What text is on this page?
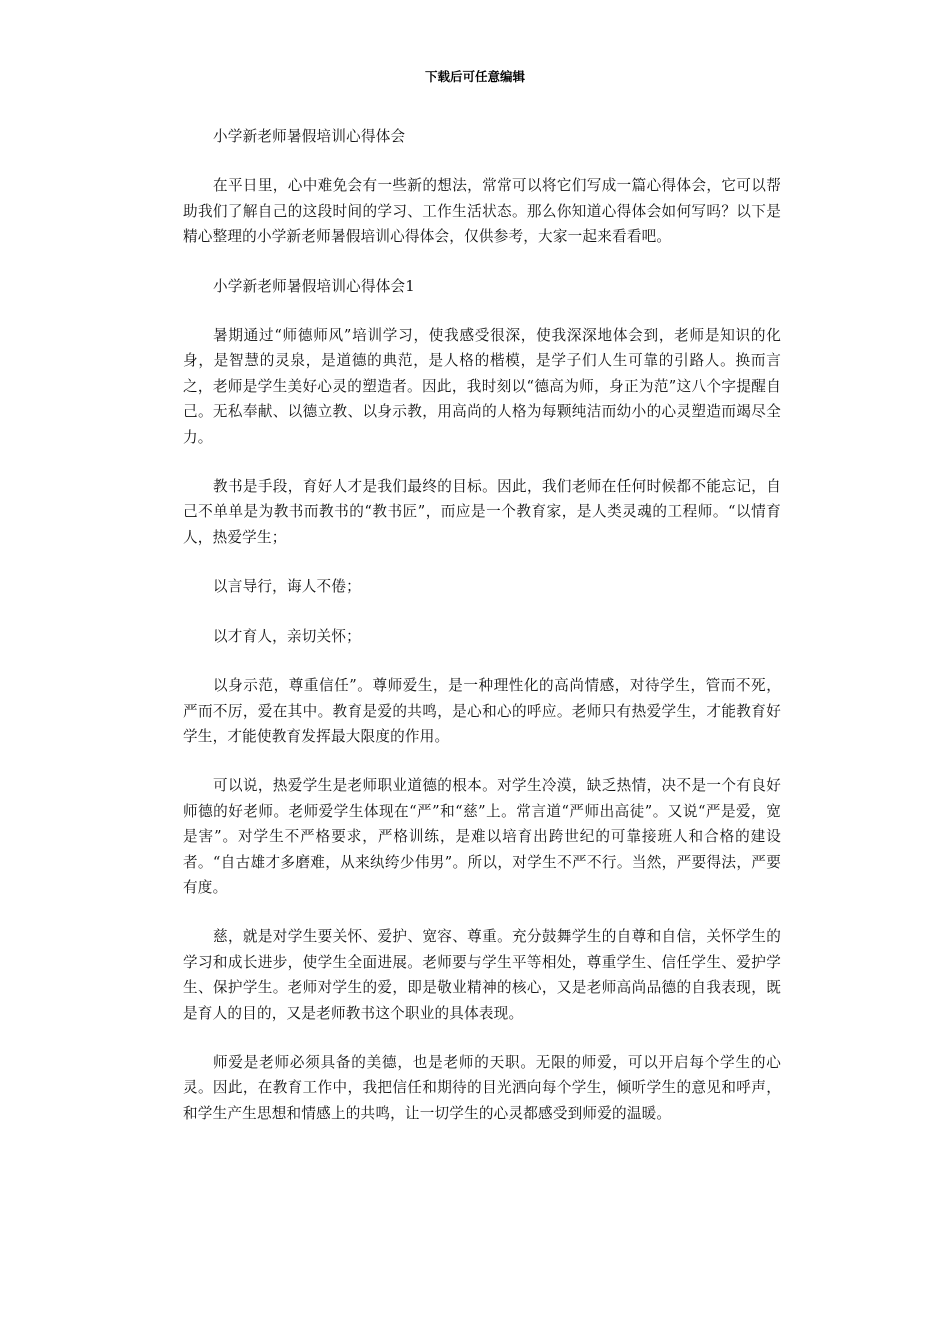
下载后可任意编辑

小学新老师暑假培训心得体会

在平日里，心中难免会有一些新的想法，常常可以将它们写成一篇心得体会，它可以帮助我们了解自己的这段时间的学习、工作生活状态。那么你知道心得体会如何写吗？以下是精心整理的小学新老师暑假培训心得体会，仅供参考，大家一起来看看吧。

小学新老师暑假培训心得体会1

暑期通过“师德师风”培训学习，使我感受很深，使我深深地体会到，老师是知识的化身，是智慧的灵泉，是道德的典范，是人格的楷模，是学子们人生可靠的引路人。换而言之，老师是学生美好心灵的塑造者。因此，我时刻以“德高为师，身正为范”这八个字提醒自己。无私奉献、以德立教、以身示教，用高尚的人格为每颗纯洁而幼小的心灵塑造而竭尽全力。

教书是手段，育好人才是我们最终的目标。因此，我们老师在任何时候都不能忘记，自己不单单是为教书而教书的“教书匠”，而应是一个教育家，是人类灵魂的工程师。“以情育人，热爱学生；

以言导行，诲人不倦；

以才育人，亲切关怀；

以身示范，尊重信任”。尊师爱生，是一种理性化的高尚情感，对待学生，管而不死，严而不厉，爱在其中。教育是爱的共鸣，是心和心的呼应。老师只有热爱学生，才能教育好学生，才能使教育发挥最大限度的作用。

可以说，热爱学生是老师职业道德的根本。对学生冷漠，缺乏热情，决不是一个有良好师德的好老师。老师爱学生体现在“严”和“慈”上。常言道“严师出高徒”。又说“严是爱，宽是害”。对学生不严格要求，严格训练，是难以培育出跨世纪的可靠接班人和合格的建设者。“自古雄才多磨难，从来纨绔少伟男”。所以，对学生不严不行。当然，严要得法，严要有度。

慈，就是对学生要关怀、爱护、宽容、尊重。充分鼓舞学生的自尊和自信，关怀学生的学习和成长进步，使学生全面进展。老师要与学生平等相处，尊重学生、信任学生、爱护学生、保护学生。老师对学生的爱，即是敬业精神的核心，又是老师高尚品德的自我表现，既是育人的目的，又是老师教书这个职业的具体表现。

师爱是老师必须具备的美德，也是老师的天职。无限的师爱，可以开启每个学生的心灵。因此，在教育工作中，我把信任和期待的目光洒向每个学生，倾听学生的意见和呼声，和学生产生思想和情感上的共鸣，让一切学生的心灵都感受到师爱的温暖。
